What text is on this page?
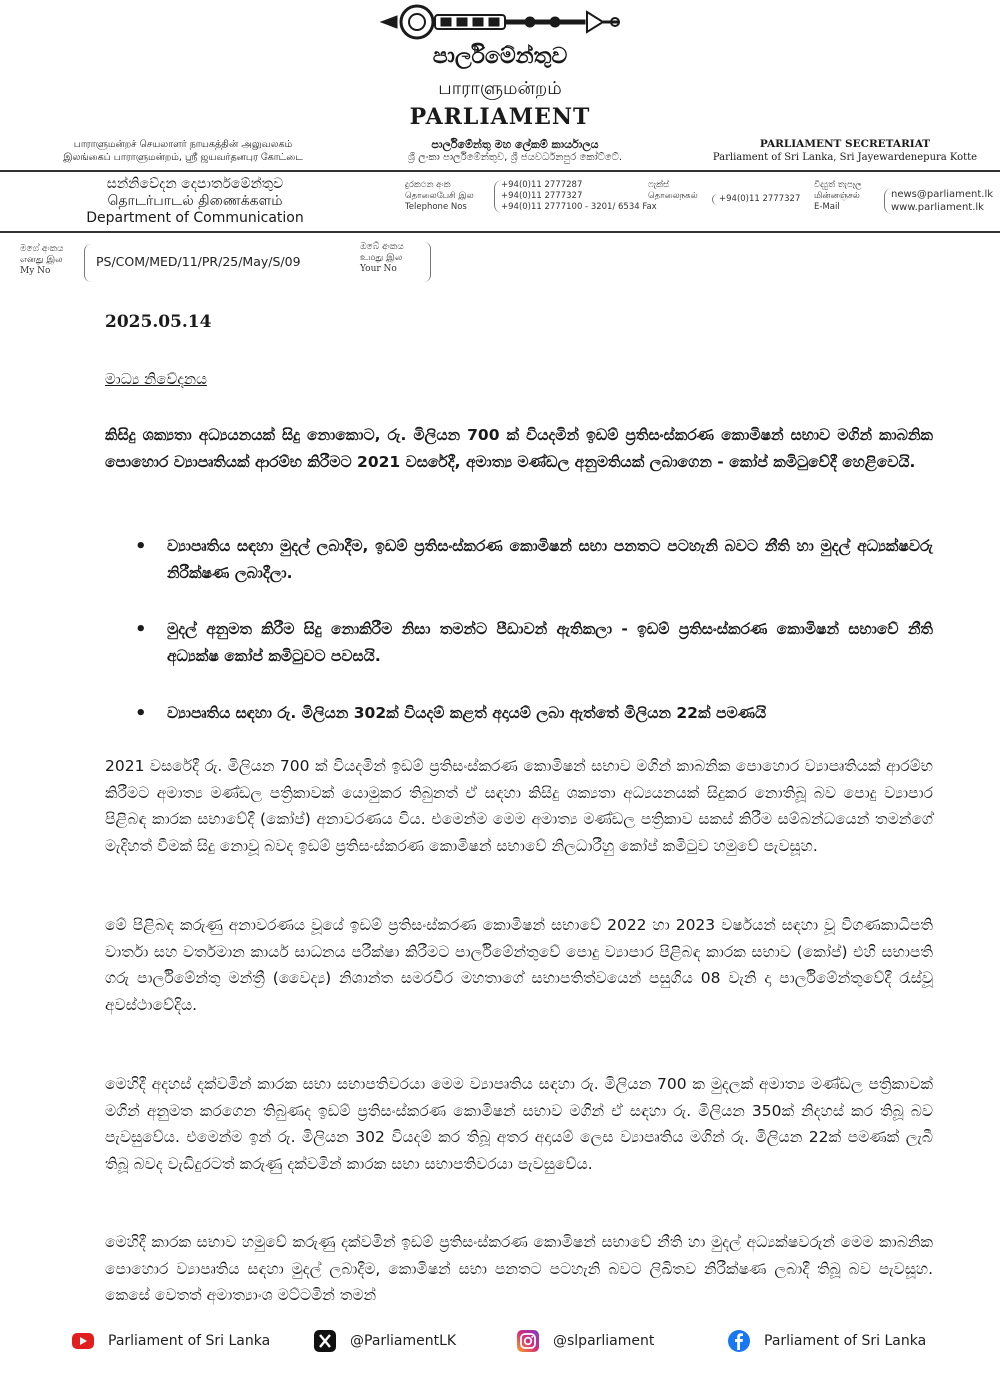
පාර්ලිමේන්තුව
பாராளுமன்றம்
PARLIAMENT
பாராளுமன்றச் செயலாளர் நாயகத்தின் அலுவலகம்
இலங்கைப் பாராளுமன்றம், ஸ்ரீ ஜயவர்தனபுர கோட்டை
පාර්ලිමේන්තු මහ ලේකම් කාර්යාලය
ශ්‍රී ලංකා පාර්ලිමේන්තුව, ශ්‍රී ජයවර්ධනපුර කෝට්ටේ.
PARLIAMENT SECRETARIAT
Parliament of Sri Lanka, Sri Jayewardenepura Kotte
සන්නිවේදන දෙපාර්තමේන්තුව
தொடர்பாடல் திணைக்களம்
Department of Communication
දුරකථන අංක
தொலைபேசி இல
Telephone Nos
+94(0)11 2777287
+94(0)11 2777327
+94(0)11 2777100 - 3201/ 6534 Fax
ෆැක්ස්
தொலைநகல்	+94(0)11 2777327
විද්‍යුත් තැපෑල
மின்னஞ்சல்
E-Mail
news@parliament.lk
www.parliament.lk
මගේ අංකය
எனது இல
My No
PS/COM/MED/11/PR/25/May/S/09
ඔබේ අංකය
உமது இல
Your No
2025.05.14
මාධ්‍ය නිවේදනය

කිසිදු ශක්‍යතා අධ්‍යයනයක් සිදු නොකොට, රු. මිලියන 700 ක් වියදමින් ඉඩම් ප්‍රතිසංස්කරණ කොමිෂන් සභාව මගින් කාබනික පොහොර ව්‍යාපෘතියක් ආරම්භ කිරීමට 2021 වසරේදී, අමාත්‍ය මණ්ඩල අනුමතියක් ලබාගෙන - කෝප් කමිටුවේදී හෙළිවෙයි.

• ව්‍යාපෘතිය සඳහා මුදල් ලබාදීම, ඉඩම් ප්‍රතිසංස්කරණ කොමිෂන් සභා පනතට පටහැනි බවට නීති හා මුදල් අධ්‍යක්ෂවරු නිරීක්ෂණ ලබාදීලා.
• මුදල් අනුමත කිරීම සිදු නොකිරීම නිසා තමන්ට පීඩාවන් ඇතිකලා - ඉඩම් ප්‍රතිසංස්කරණ කොමිෂන් සභාවේ නීති අධ්‍යක්ෂ කෝප් කමිටුවට පවසයි.
• ව්‍යාපෘතිය සඳහා රු. මිලියන 302ක් වියදම් කළත් අදායම් ලබා ඇත්තේ මිලියන 22ක් පමණයි

2021 වසරේදී රු. මිලියන 700 ක් වියදමින් ඉඩම් ප්‍රතිසංස්කරණ කොමිෂන් සභාව මගින් කාබනික පොහොර ව්‍යාපෘතියක් ආරම්භ කිරීමට අමාත්‍ය මණ්ඩල පත්‍රිකාවක් යොමුකර තිබුනත් ඒ සඳහා කිසිදු ශක්‍යතා අධ්‍යයනයක් සිදුකර නොතිබූ බව පොදු ව්‍යාපාර පිළිබඳ කාරක සභාවේදී (කෝප්) අනාවරණය විය. එමෙන්ම මෙම අමාත්‍ය මණ්ඩල පත්‍රිකාව සකස් කිරීම සම්බන්ධයෙන් තමන්ගේ මැදිහත් වීමක් සිදු නොවූ බවද ඉඩම් ප්‍රතිසංස්කරණ කොමිෂන් සභාවේ නිලධාරීහු කෝප් කමිටුව හමුවේ පැවසූහ.

මේ පිළිබඳ කරුණු අනාවරණය වූයේ ඉඩම් ප්‍රතිසංස්කරණ කොමිෂන් සභාවේ 2022 හා 2023 වර්ෂයන් සඳහා වූ විගණකාධිපති වාර්තා සහ වර්තමාන කාර්ය සාධනය පරීක්ෂා කිරීමට පාර්ලිමේන්තුවේ පොදු ව්‍යාපාර පිළිබඳ කාරක සභාව (කෝප්) එහි සභාපති ගරු පාර්ලිමේන්තු මන්ත්‍රී (වෛද්‍ය) නිශාන්ත සමරවීර මහතාගේ සභාපතිත්වයෙන් පසුගිය 08 වැනි දා පාර්ලිමේන්තුවේදී රැස්වූ අවස්ථාවේදිය.

මෙහිදී අදහස් දක්වමින් කාරක සභා සභාපතිවරයා මෙම ව්‍යාපෘතිය සඳහා රු. මිලියන 700 ක මුදලක් අමාත්‍ය මණ්ඩල පත්‍රිකාවක් මගින් අනුමත කරගෙන තිබුණද ඉඩම් ප්‍රතිසංස්කරණ කොමිෂන් සභාව මගින් ඒ සඳහා රු. මිලියන 350ක් නිදහස් කර තිබූ බව පැවසුවේය. එමෙන්ම ඉන් රු. මිලියන 302 වියදම් කර තිබූ අතර අදායම් ලෙස ව්‍යාපෘතිය මගින් රු. මිලියන 22ක් පමණක් ලැබී තිබූ බවද වැඩිදුරටත් කරුණු දක්වමින් කාරක සභා සභාපතිවරයා පැවසුවේය.

මෙහිදී කාරක සභාව හමුවේ කරුණු දක්වමින් ඉඩම් ප්‍රතිසංස්කරණ කොමිෂන් සභාවේ නීති හා මුදල් අධ්‍යක්ෂවරුන් මෙම කාබනික පොහොර ව්‍යාපෘතිය සඳහා මුදල් ලබාදීම, කොමිෂන් සභා පනතට පටහැනි බවට ලිඛිතව නිරීක්ෂණ ලබාදී තිබූ බව පැවසූහ. කෙසේ වෙතත් අමාත්‍යාංශ මට්ටමින් තමන්

Parliament of Sri Lanka	@ParliamentLK	@slparliament	Parliament of Sri Lanka
